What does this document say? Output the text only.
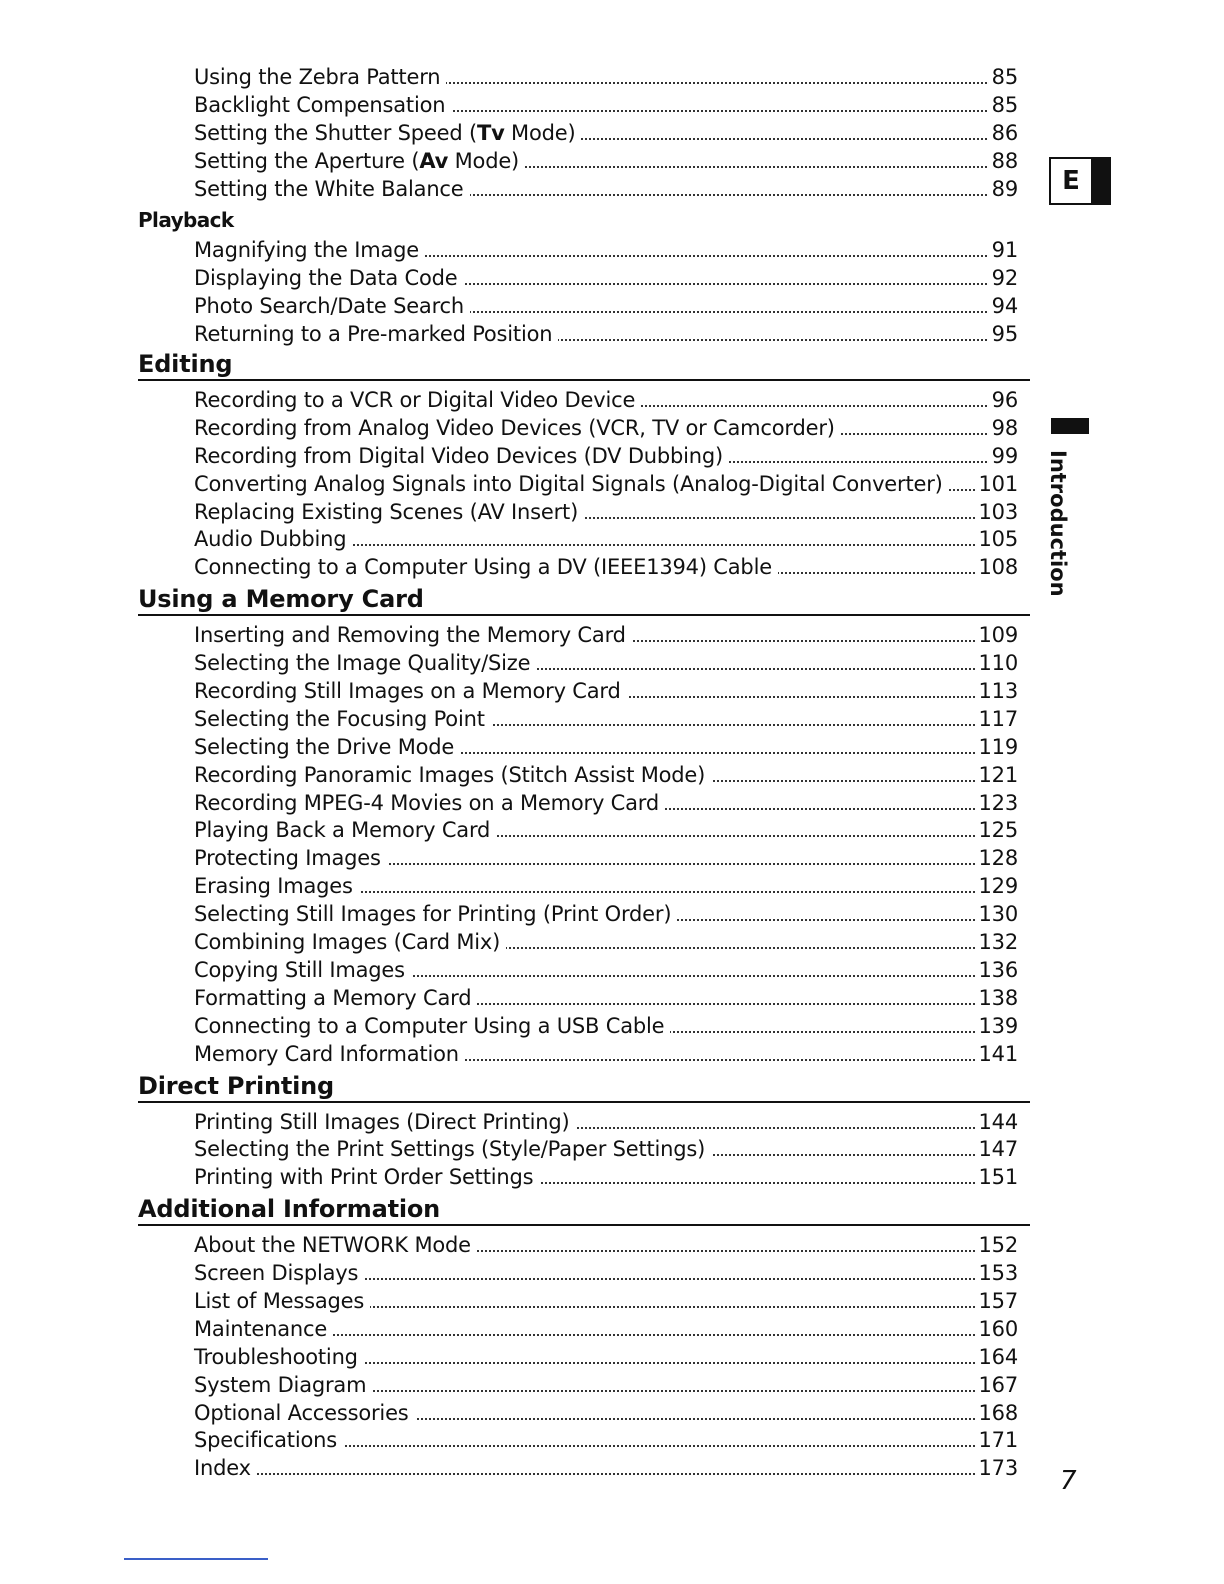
Using the Zebra Pattern	85
Backlight Compensation	85
Setting the Shutter Speed (Tv Mode)	86
Setting the Aperture (Av Mode)	88
Setting the White Balance	89
Playback
Magnifying the Image	91
Displaying the Data Code	92
Photo Search/Date Search	94
Returning to a Pre-marked Position	95
Editing
Recording to a VCR or Digital Video Device	96
Recording from Analog Video Devices (VCR, TV or Camcorder)	98
Recording from Digital Video Devices (DV Dubbing)	99
Converting Analog Signals into Digital Signals (Analog-Digital Converter) 101
Replacing Existing Scenes (AV Insert)	103
Audio Dubbing	105
Connecting to a Computer Using a DV (IEEE1394) Cable	108
Using a Memory Card
Inserting and Removing the Memory Card	109
Selecting the Image Quality/Size	110
Recording Still Images on a Memory Card	113
Selecting the Focusing Point	117
Selecting the Drive Mode	119
Recording Panoramic Images (Stitch Assist Mode)	121
Recording MPEG-4 Movies on a Memory Card	123
Playing Back a Memory Card	125
Protecting Images	128
Erasing Images	129
Selecting Still Images for Printing (Print Order)	130
Combining Images (Card Mix)	132
Copying Still Images	136
Formatting a Memory Card	138
Connecting to a Computer Using a USB Cable	139
Memory Card Information	141
Direct Printing
Printing Still Images (Direct Printing)	144
Selecting the Print Settings (Style/Paper Settings)	147
Printing with Print Order Settings	151
Additional Information
About the NETWORK Mode	152
Screen Displays	153
List of Messages	157
Maintenance	160
Troubleshooting	164
System Diagram	167
Optional Accessories	168
Specifications	171
Index	173
E
Introduction
7
